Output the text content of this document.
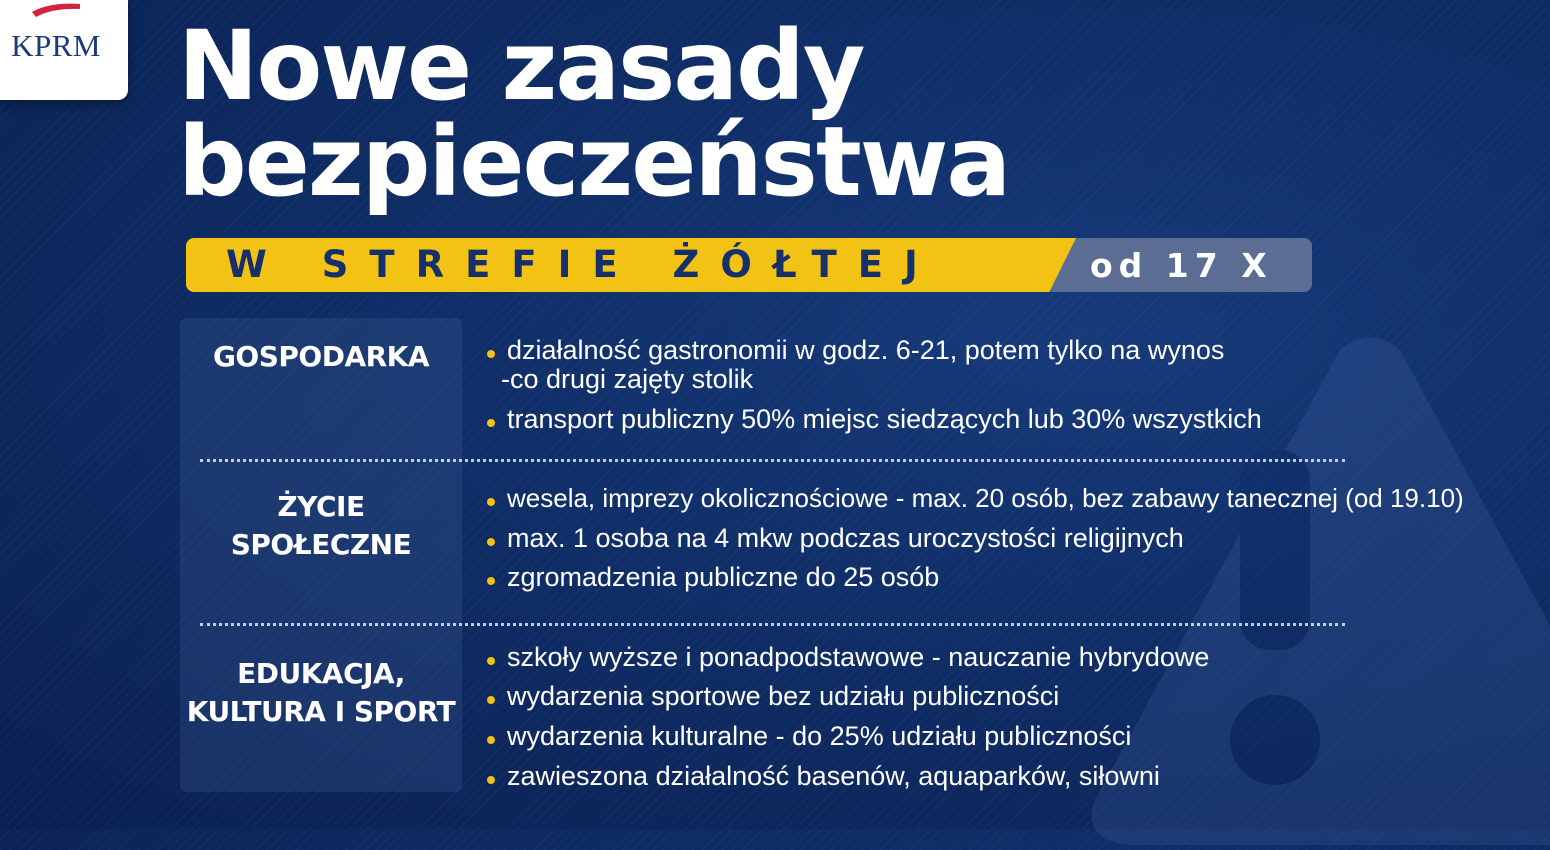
KPRM Nowe zasady
bezpieczeństwa
W STREFIE ŻÓŁTEJ	od 17 X
GOSPODARKA
ŻYCIE
SPOŁECZNE
EDUKACJA,
KULTURA I SPORT
działalność gastronomii w godz. 6-21, potem tylko na wynos
-co drugi zajęty stolik
transport publiczny 50% miejsc siedzących lub 30% wszystkich
wesela, imprezy okolicznościowe - max. 20 osób, bez zabawy tanecznej (od 19.10)
max. 1 osoba na 4 mkw podczas uroczystości religijnych
zgromadzenia publiczne do 25 osób
szkoły wyższe i ponadpodstawowe - nauczanie hybrydowe
wydarzenia sportowe bez udziału publiczności
wydarzenia kulturalne - do 25% udziału publiczności
zawieszona działalność basenów, aquaparków, siłowni
